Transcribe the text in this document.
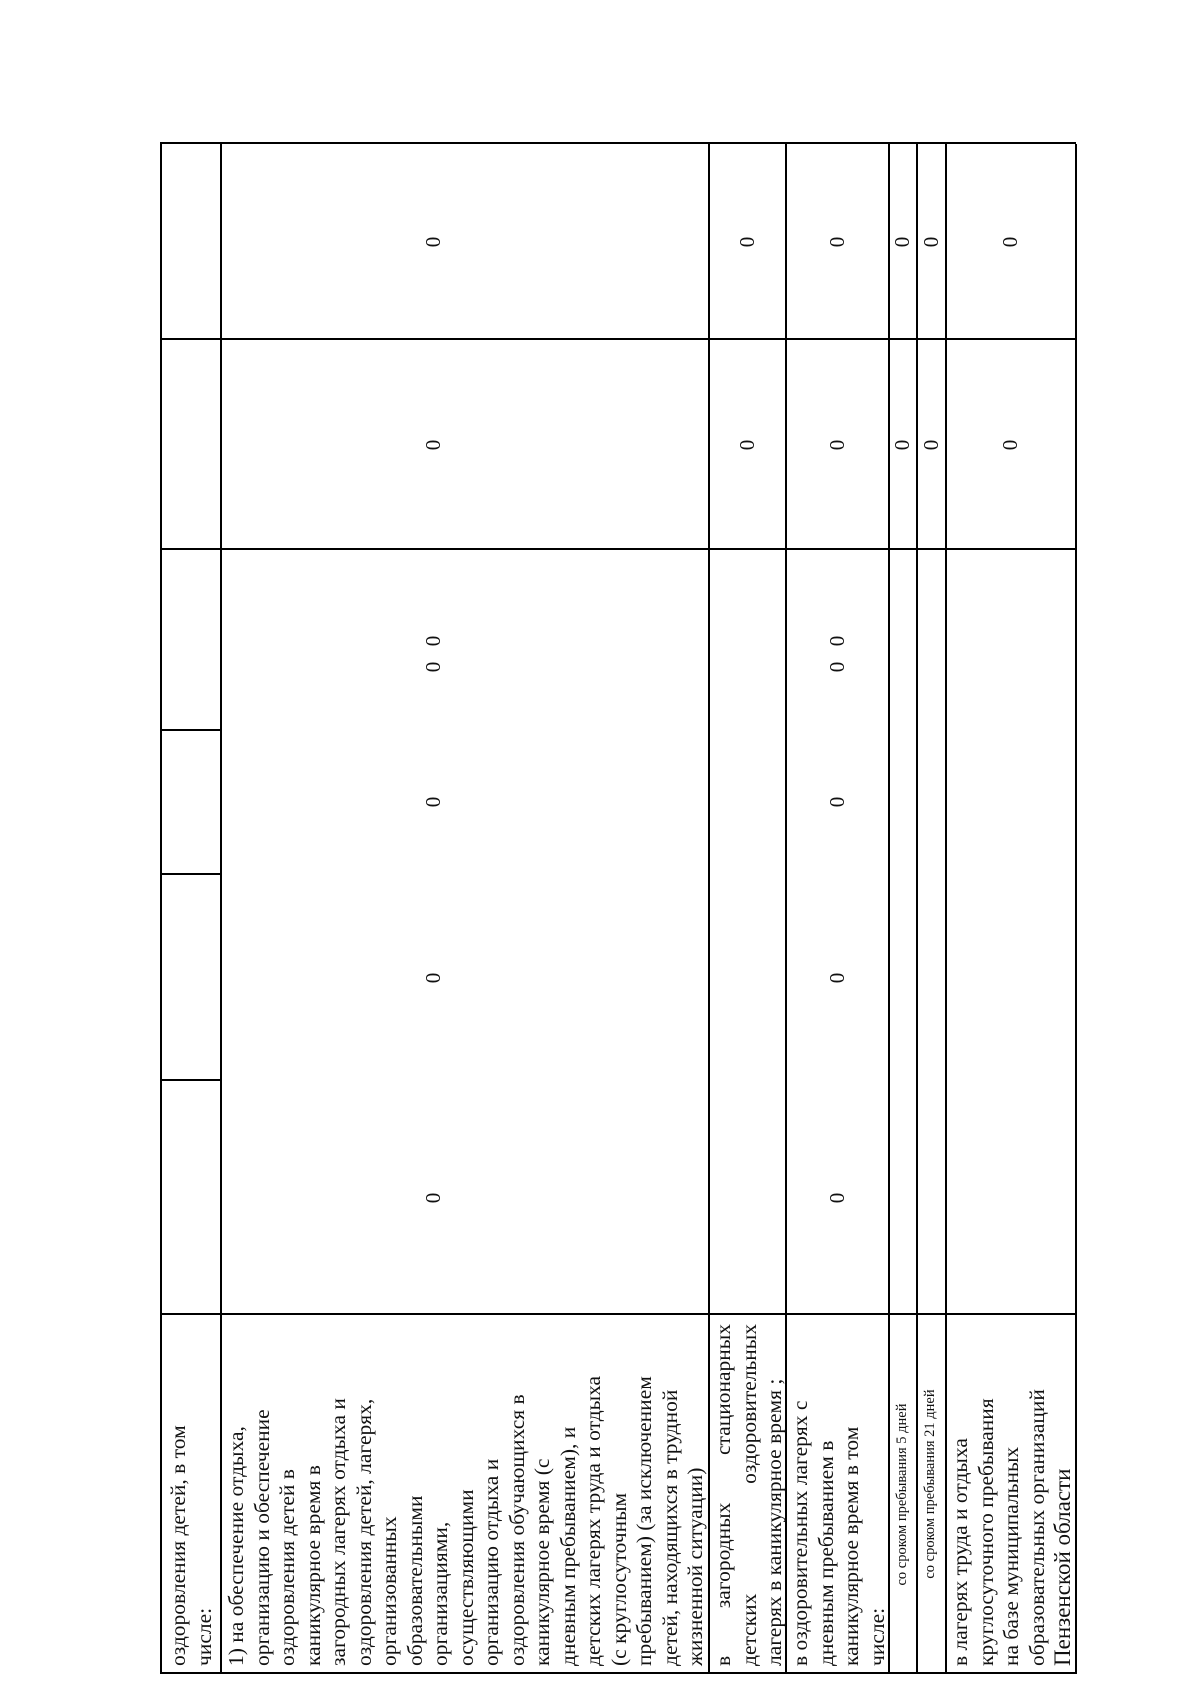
оздоровления детей, в том числе: 1) на обеспечение отдыха, организацию и обеспечение оздоровления детей в каникулярное время в загородных лагерях отдыха и оздоровления детей, лагерях, организованных образовательными организациями, осуществляющими организацию отдыха и оздоровления обучающихся в каникулярное время (с дневным пребыванием), и детских лагерях труда и отдыха (с круглосуточным пребыванием) (за исключением детей, находящихся в трудной жизненной ситуации) в загородных стационарных детских оздоровительных лагерях в каникулярное время ; в оздоровительных лагерях с дневным пребыванием в каникулярное время в том числе:
со сроком пребывания 5 дней со сроком пребывания 21 дней в лагерях труда и отдыха круглосуточного пребывания на базе муниципальных образовательных организаций Пензенской области
0
0
0
0
0
0
0
0
0
0
0
0
0
0
0
0
0
0
0
0
0
0
